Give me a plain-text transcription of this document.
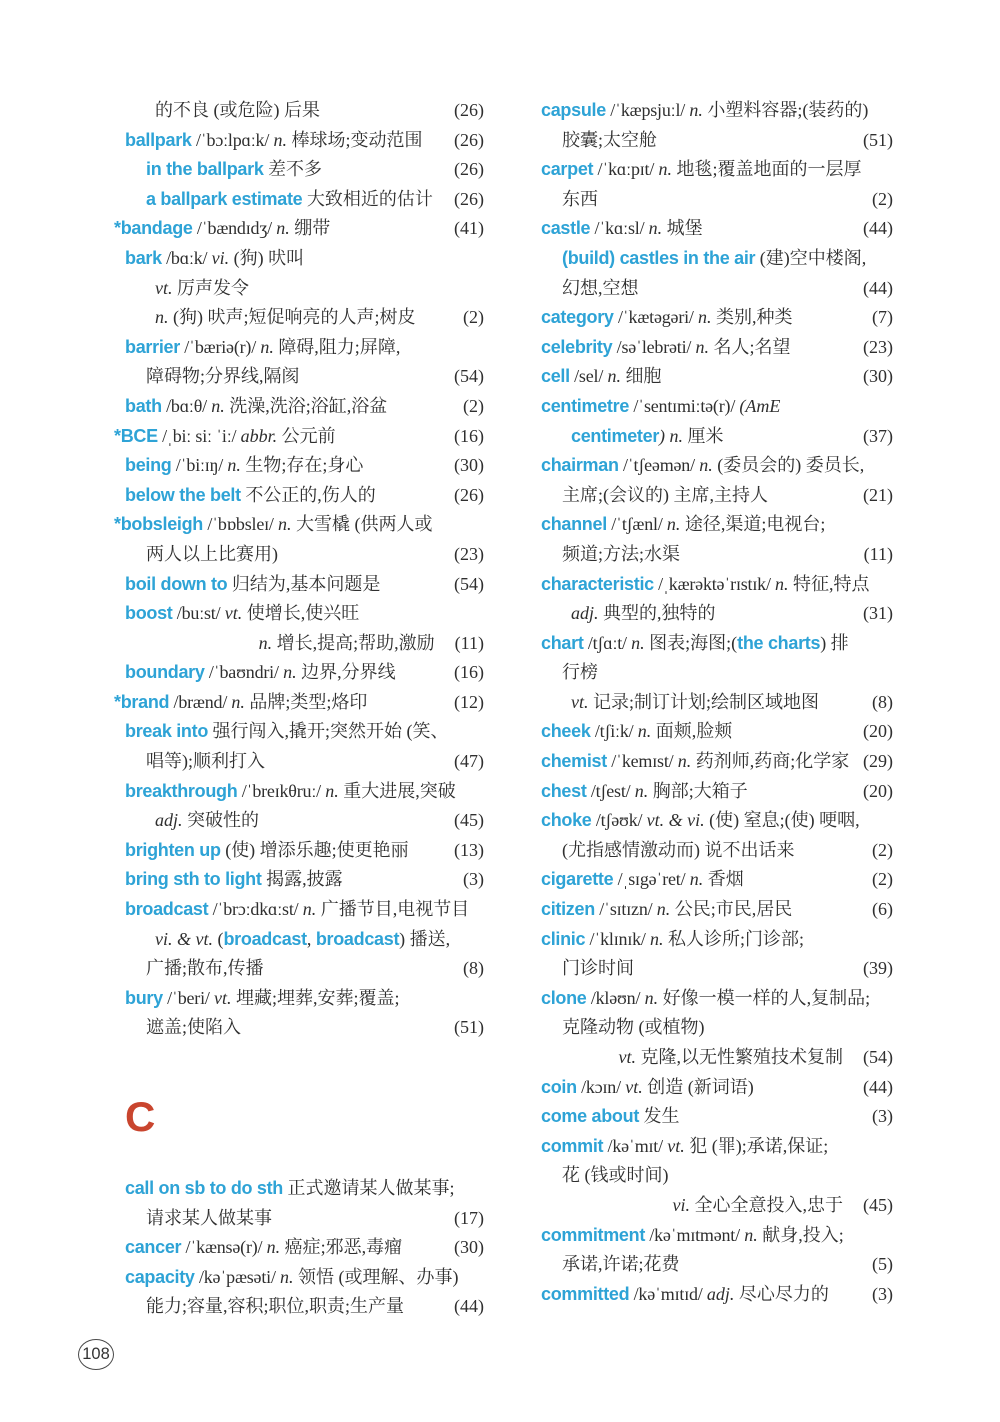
的不良 (或危险) 后果	(26)
ballpark /ˈbɔːlpɑːk/ n. 棒球场;变动范围	(26)
in the ballpark 差不多	(26)
a ballpark estimate 大致相近的估计	(26)
*bandage /ˈbændɪdʒ/ n. 绷带	(41)
bark /bɑːk/ vi. (狗) 吠叫
vt. 厉声发令
n. (狗) 吠声;短促响亮的人声;树皮	(2)
barrier /ˈbæriə(r)/ n. 障碍,阻力;屏障,
障碍物;分界线,隔阂	(54)
bath /bɑːθ/ n. 洗澡,洗浴;浴缸,浴盆	(2)
*BCE /ˌbiː siː ˈiː/ abbr. 公元前	(16)
being /ˈbiːɪŋ/ n. 生物;存在;身心	(30)
below the belt 不公正的,伤人的	(26)
*bobsleigh /ˈbɒbsleɪ/ n. 大雪橇 (供两人或
两人以上比赛用)	(23)
boil down to 归结为,基本问题是	(54)
boost /buːst/ vt. 使增长,使兴旺
n. 增长,提高;帮助,激励	(11)
boundary /ˈbaʊndri/ n. 边界,分界线	(16)
*brand /brænd/ n. 品牌;类型;烙印	(12)
break into 强行闯入,撬开;突然开始 (笑、
唱等);顺利打入	(47)
breakthrough /ˈbreɪkθruː/ n. 重大进展,突破
adj. 突破性的	(45)
brighten up (使) 增添乐趣;使更艳丽	(13)
bring sth to light 揭露,披露	(3)
broadcast /ˈbrɔːdkɑːst/ n. 广播节目,电视节目
vi. & vt. (broadcast, broadcast) 播送,
广播;散布,传播	(8)
bury /ˈberi/ vt. 埋藏;埋葬,安葬;覆盖;
遮盖;使陷入	(51)
C
call on sb to do sth 正式邀请某人做某事;
请求某人做某事	(17)
cancer /ˈkænsə(r)/ n. 癌症;邪恶,毒瘤	(30)
capacity /kəˈpæsəti/ n. 领悟 (或理解、办事)
能力;容量,容积;职位,职责;生产量	(44)
capsule /ˈkæpsjuːl/ n. 小塑料容器;(装药的)
胶囊;太空舱	(51)
carpet /ˈkɑːpɪt/ n. 地毯;覆盖地面的一层厚
东西	(2)
castle /ˈkɑːsl/ n. 城堡	(44)
(build) castles in the air (建)空中楼阁,
幻想,空想	(44)
category /ˈkætəgəri/ n. 类别,种类	(7)
celebrity /səˈlebrəti/ n. 名人;名望	(23)
cell /sel/ n. 细胞	(30)
centimetre /ˈsentɪmiːtə(r)/ (AmE
centimeter) n. 厘米	(37)
chairman /ˈtʃeəmən/ n. (委员会的) 委员长,
主席;(会议的) 主席,主持人	(21)
channel /ˈtʃænl/ n. 途径,渠道;电视台;
频道;方法;水渠	(11)
characteristic /ˌkærəktəˈrɪstɪk/ n. 特征,特点
adj. 典型的,独特的	(31)
chart /tʃɑːt/ n. 图表;海图;(the charts) 排
行榜
vt. 记录;制订计划;绘制区域地图	(8)
cheek /tʃiːk/ n. 面颊,脸颊	(20)
chemist /ˈkemɪst/ n. 药剂师,药商;化学家 (29)
chest /tʃest/ n. 胸部;大箱子	(20)
choke /tʃəʊk/ vt. & vi. (使) 窒息;(使) 哽咽,
(尤指感情激动而) 说不出话来	(2)
cigarette /ˌsɪgəˈret/ n. 香烟	(2)
citizen /ˈsɪtɪzn/ n. 公民;市民,居民	(6)
clinic /ˈklɪnɪk/ n. 私人诊所;门诊部;
门诊时间	(39)
clone /kləʊn/ n. 好像一模一样的人,复制品;
克隆动物 (或植物)
vt. 克隆,以无性繁殖技术复制	(54)
coin /kɔɪn/ vt. 创造 (新词语)	(44)
come about 发生	(3)
commit /kəˈmɪt/ vt. 犯 (罪);承诺,保证;
花 (钱或时间)
vi. 全心全意投入,忠于	(45)
commitment /kəˈmɪtmənt/ n. 献身,投入;
承诺,许诺;花费	(5)
committed /kəˈmɪtɪd/ adj. 尽心尽力的	(3)
108
